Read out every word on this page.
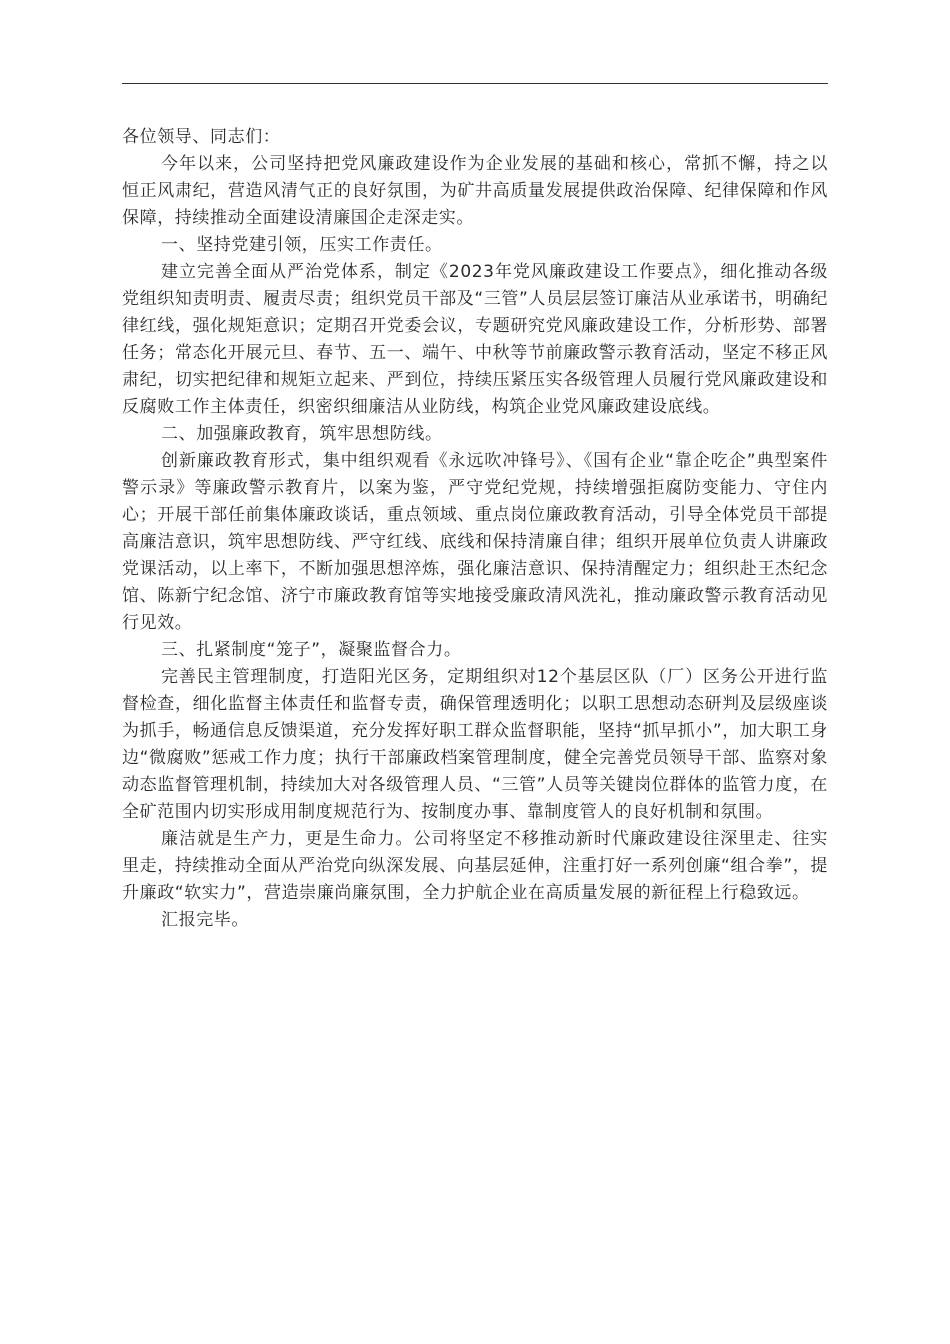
各位领导、同志们：

今年以来，公司坚持把党风廉政建设作为企业发展的基础和核心，常抓不懈，持之以恒正风肃纪，营造风清气正的良好氛围，为矿井高质量发展提供政治保障、纪律保障和作风保障，持续推动全面建设清廉国企走深走实。

一、坚持党建引领，压实工作责任。

建立完善全面从严治党体系，制定《2023年党风廉政建设工作要点》，细化推动各级党组织知责明责、履责尽责；组织党员干部及“三管”人员层层签订廉洁从业承诺书，明确纪律红线，强化规矩意识；定期召开党委会议，专题研究党风廉政建设工作，分析形势、部署任务；常态化开展元旦、春节、五一、端午、中秋等节前廉政警示教育活动，坚定不移正风肃纪，切实把纪律和规矩立起来、严到位，持续压紧压实各级管理人员履行党风廉政建设和反腐败工作主体责任，织密织细廉洁从业防线，构筑企业党风廉政建设底线。

二、加强廉政教育，筑牢思想防线。

创新廉政教育形式，集中组织观看《永远吹冲锋号》、《国有企业“靠企吃企”典型案件警示录》等廉政警示教育片，以案为鉴，严守党纪党规，持续增强拒腐防变能力、守住内心；开展干部任前集体廉政谈话，重点领域、重点岗位廉政教育活动，引导全体党员干部提高廉洁意识，筑牢思想防线、严守红线、底线和保持清廉自律；组织开展单位负责人讲廉政党课活动，以上率下，不断加强思想淬炼，强化廉洁意识、保持清醒定力；组织赴王杰纪念馆、陈新宁纪念馆、济宁市廉政教育馆等实地接受廉政清风洗礼，推动廉政警示教育活动见行见效。

三、扎紧制度“笼子”，凝聚监督合力。

完善民主管理制度，打造阳光区务，定期组织对12个基层区队（厂）区务公开进行监督检查，细化监督主体责任和监督专责，确保管理透明化；以职工思想动态研判及层级座谈为抓手，畅通信息反馈渠道，充分发挥好职工群众监督职能，坚持“抓早抓小”，加大职工身边“微腐败”惩戒工作力度；执行干部廉政档案管理制度，健全完善党员领导干部、监察对象动态监督管理机制，持续加大对各级管理人员、“三管”人员等关键岗位群体的监管力度，在全矿范围内切实形成用制度规范行为、按制度办事、靠制度管人的良好机制和氛围。

廉洁就是生产力，更是生命力。公司将坚定不移推动新时代廉政建设往深里走、往实里走，持续推动全面从严治党向纵深发展、向基层延伸，注重打好一系列创廉“组合拳”，提升廉政“软实力”，营造崇廉尚廉氛围，全力护航企业在高质量发展的新征程上行稳致远。

汇报完毕。
